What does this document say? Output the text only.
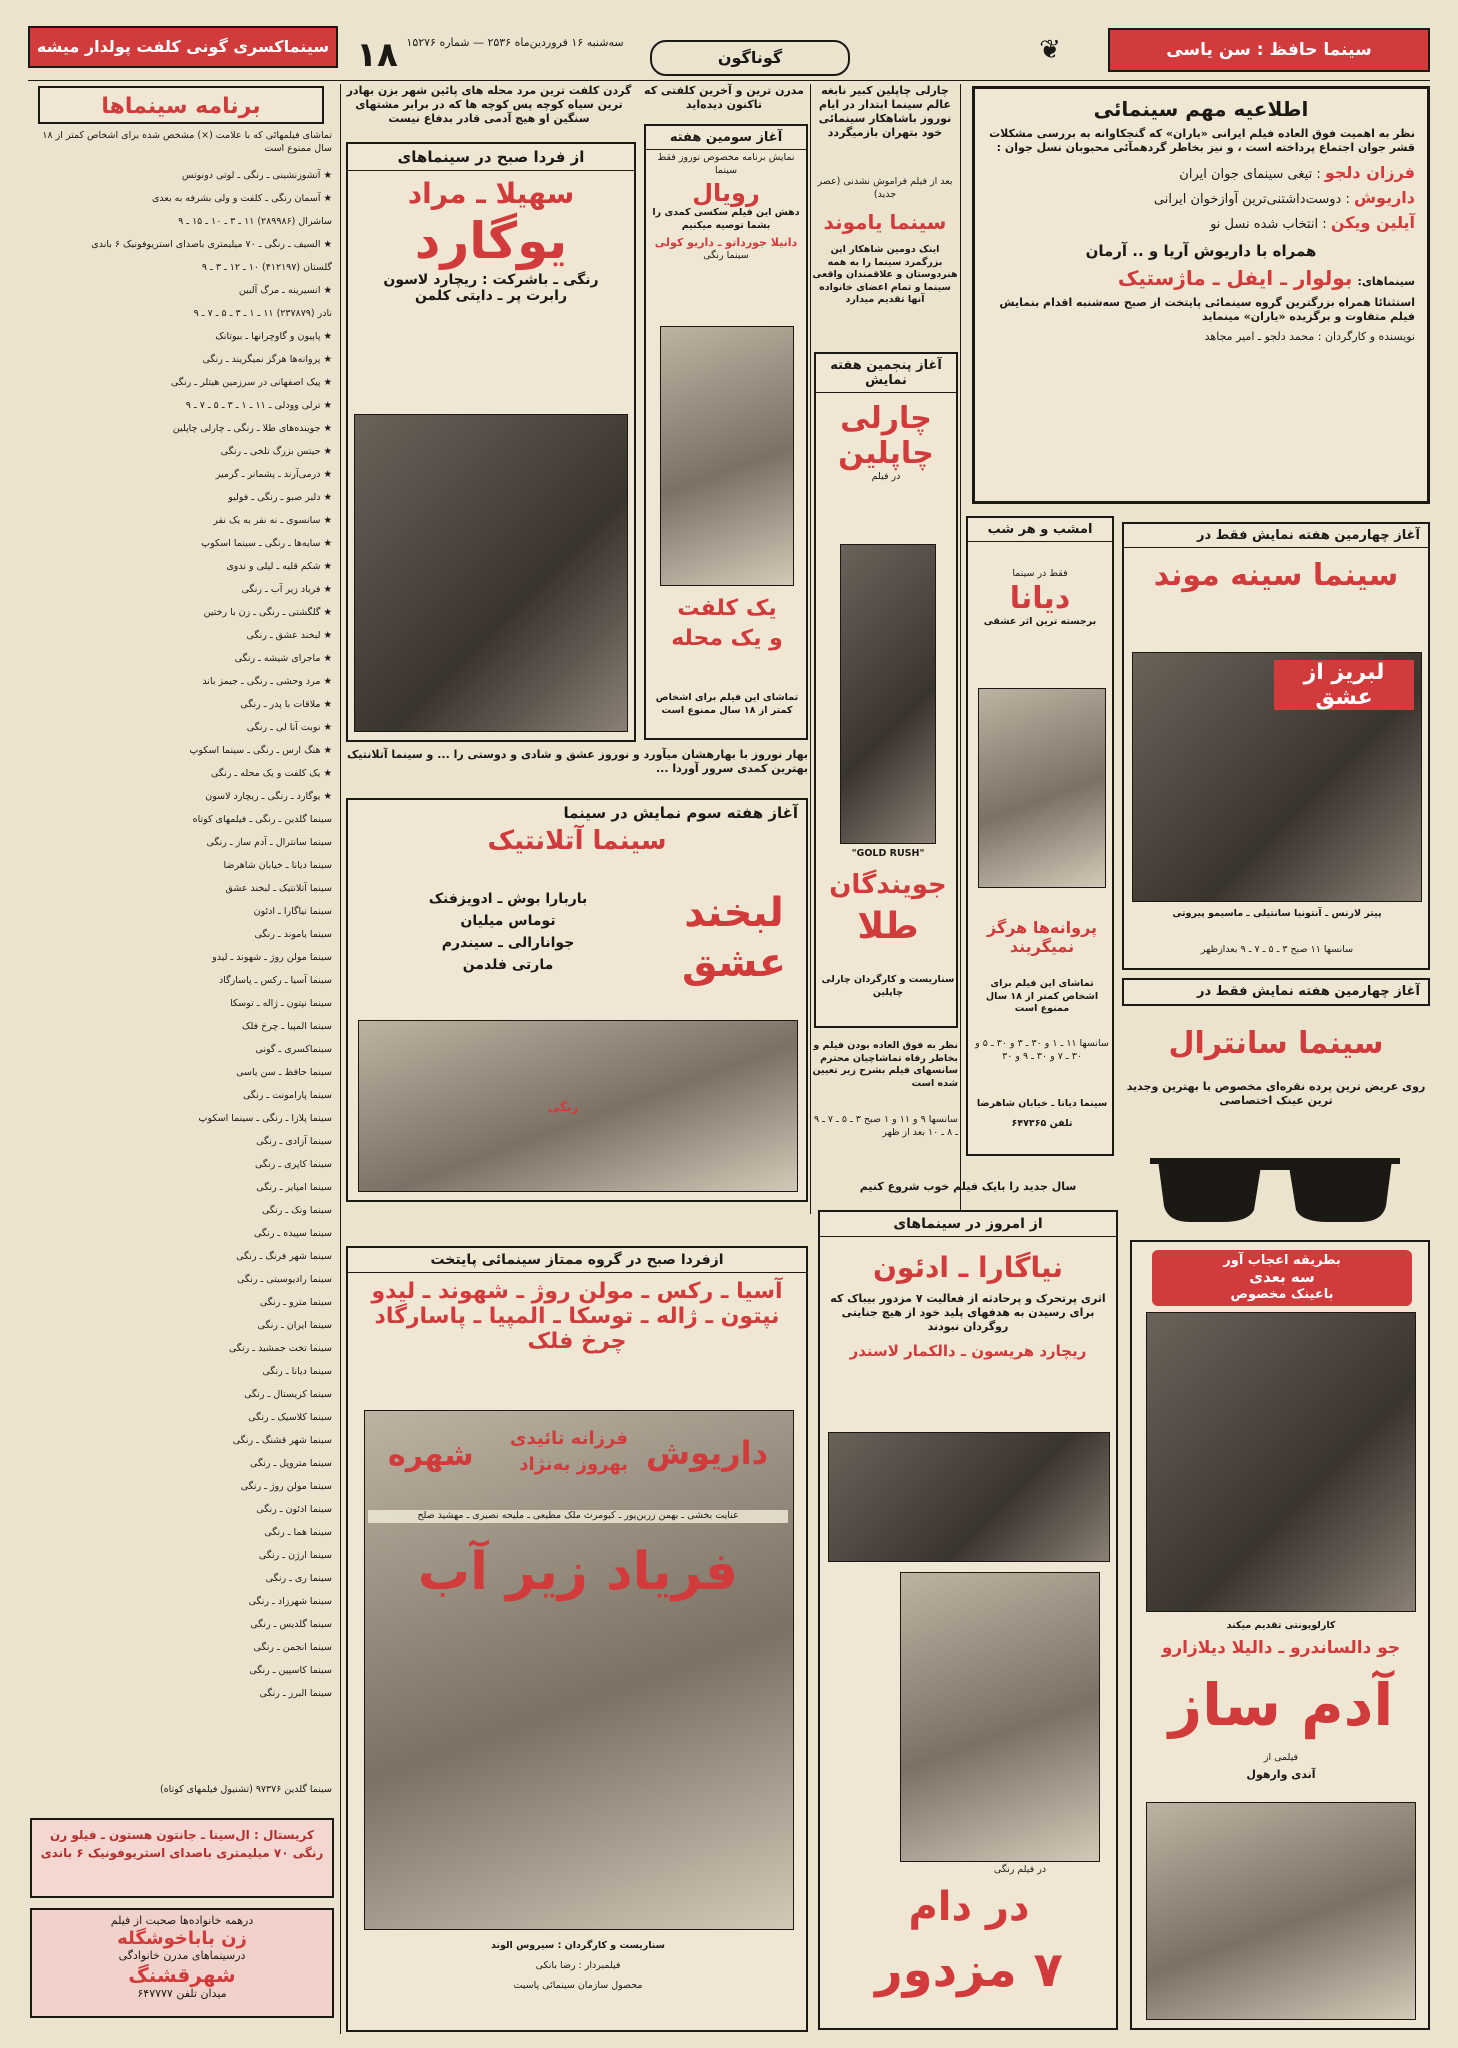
سینما حافظ : سن یاسی
❦
گوناگون
سه‌شنبه ۱۶ فروردین‌ماه ۲۵۳۶ — شماره ۱۵۲۷۶
۱۸
سینماکسری گونی کلفت پولدار میشه
برنامه سینماها
تماشای فیلمهائی که با علامت (×) مشخص شده برای اشخاص کمتر از ۱۸ سال ممنوع است
★ آتشوزنشینی ـ رنگی ـ لوتی دونوتس
★ آسمان رنگی ـ کلفت و ولی بشرفه به بعدی
ساشرال (۲۸۹۹۸۶) ۱۱ ـ ۳ ـ ۱۰ ـ ۱۵ ـ ۹
★ السیف ـ رنگی ـ ۷۰ میلیمتری باصدای استریوفونیک ۶ باندی
گلستان (۴۱۲۱۹۷) ۱۰ ـ ۱۲ ـ ۳ ـ ۹
★ انسیرینه ـ مرگ آلبین
نادر (۲۳۷۸۷۹) ۱۱ ـ ۱ ـ ۳ ـ ۵ ـ ۷ ـ ۹
★ پاپیون و گاوچرانها ـ بیوتانک
★ پروانه‌ها هرگز نمیگریند ـ رنگی
★ پیک اصفهانی در سرزمین هیتلر ـ رنگی
★ ترلی وودلی ـ ۱۱ ـ ۱ ـ ۳ ـ ۵ ـ ۷ ـ ۹
★ جوینده‌های طلا ـ رنگی ـ چارلی چاپلین
★ حیتس بزرگ تلخی ـ رنگی
★ درمی‌آرند ـ پشمانر ـ گرمیر
★ دلبر صبو ـ رنگی ـ فولیو
★ سانسوی ـ نه نفر به یک نفر
★ سایه‌ها ـ رنگی ـ سینما اسکوپ
★ شکم قلیه ـ لیلی و ندوی
★ فریاد زیر آب ـ رنگی
★ گلگشتی ـ رنگی ـ زن با رختین
★ لبخند عشق ـ رنگی
★ ماجرای شیشه ـ رنگی
★ مرد وحشی ـ رنگی ـ جیمز باند
★ ملاقات با پدر ـ رنگی
★ نوبت آنا لی ـ رنگی
★ هنگ ارس ـ رنگی ـ سینما اسکوپ
★ یک کلفت و یک محله ـ رنگی
★ یوگارد ـ رنگی ـ ریچارد لاسون
سینما گلدین ـ رنگی ـ فیلمهای کوتاه
سینما سانترال ـ آدم ساز ـ رنگی
سینما دیانا ـ خیابان شاهرضا
سینما آتلانتیک ـ لبخند عشق
سینما نیاگارا ـ ادئون
سینما یاموند ـ رنگی
سینما مولن روژ ـ شهوند ـ لیدو
سینما آسیا ـ رکس ـ پاسارگاد
سینما نپتون ـ ژاله ـ توسکا
سینما المپیا ـ چرخ فلک
سینماکسری ـ گونی
سینما حافظ ـ سن یاسی
سینما پارامونت ـ رنگی
سینما پلازا ـ رنگی ـ سینما اسکوپ
سینما آزادی ـ رنگی
سینما کاپری ـ رنگی
سینما امپایر ـ رنگی
سینما ونک ـ رنگی
سینما سپیده ـ رنگی
سینما شهر فرنگ ـ رنگی
سینما رادیوسیتی ـ رنگی
سینما مترو ـ رنگی
سینما ایران ـ رنگی
سینما تخت جمشید ـ رنگی
سینما دیانا ـ رنگی
سینما کریستال ـ رنگی
سینما کلاسیک ـ رنگی
سینما شهر قشنگ ـ رنگی
سینما متروپل ـ رنگی
سینما مولن روژ ـ رنگی
سینما ادئون ـ رنگی
سینما هما ـ رنگی
سینما ارژن ـ رنگی
سینما ری ـ رنگی
سینما شهرزاد ـ رنگی
سینما گلدیس ـ رنگی
سینما انجمن ـ رنگی
سینما کاسپین ـ رنگی
سینما البرز ـ رنگی
سینما گلدین ۹۷۳۷۶ (تشنیول فیلمهای کوتاه)
کریستال : ال‌سینا ـ جانتون هستون ـ فیلو رن رنگی ۷۰ میلیمتری باصدای استریوفونیک ۶ باندی
درهمه خانواده‌ها صحبت از فیلم
زن باباخوشگله
درسینماهای مدرن خانوادگی
شهرقشنگ
میدان تلفن ۶۴۷۷۷۷
گردن کلفت ترین مرد محله های پائین شهر بزن بهادر ترین سیاه کوچه پس کوچه ها که در برابر مشتهای سنگین او هیچ آدمی قادر بدفاع نیست
از فردا صبح در سینماهای
سهیلا ـ مراد
یوگارد
رنگی ـ باشرکت : ریچارد لاسون
رابرت پر ـ دایتی کلمن
بهار نوروز با بهارهشان میآورد و نوروز عشق و شادی و دوستی را ... و سینما آتلانتیک بهترین کمدی سرور آوردا ...
آغاز هفته سوم نمایش در سینما
سینما آتلانتیک
لبخند
عشق
باربارا بوش ـ ادویزفنک
توماس میلیان
جوانارالی ـ سیندرم
مارتی فلدمن
رنگی
مدرن ترین و آخرین کلفتی که تاکنون دیده‌اید
آغاز سومین هفته
نمایش برنامه مخصوص نوروز فقط سینما
رویال
دهش این فیلم سکسی کمدی را بشما توصیه میکنیم
دانیلا جورداتو ـ داریو کولی
سینما رنگی
یک کلفت
و یک محله
تماشای این فیلم برای اشخاص کمتر از ۱۸ سال ممنوع است
چارلی چاپلین کبیر نابغه عالم سینما ابتدار در ایام نوروز باشاهکار سینمائی خود بتهران بازمیگردد
بعد از فیلم فراموش نشدنی (عصر جدید)
سینما یاموند
اینک دومین شاهکار این بزرگمرد سینما را به همه هنردوستان و علاقمندان واقعی سینما و تمام اعضای خانواده آنها تقدیم میدارد
آغاز پنجمین هفته نمایش
چارلی
چاپلین
در فیلم
"GOLD RUSH"
جویندگان
طلا
سناریست و کارگردان چارلی چاپلین
نظر به فوق العاده بودن فیلم و بخاطر رفاه تماشاچیان محترم سانسهای فیلم بشرح زیر تعیین شده است
سانسها ۹ و ۱۱ و ۱ صبح ۳ ـ ۵ ـ ۷ ـ ۹ ـ ۸ ـ ۱۰ بعد از ظهر
اطلاعیه مهم سینمائی
نظر به اهمیت فوق العاده فیلم ایرانی «یاران» که گنجکاوانه به بررسی مشکلات قشر جوان اجتماع پرداخته است ، و نیز بخاطر گردهمآئی محبوبان نسل جوان :
فرزان دلجو : تیغی سینمای جوان ایران
داریوش : دوست‌داشتنی‌ترین آوازخوان ایرانی
آیلین ویکن : انتخاب شده نسل نو
همراه با داریوش آریا و .. آرمان
سینماهای: بولوار ـ ایفل ـ ماژستیک
استثنائا همراه بزرگترین گروه سینمائی پایتخت از صبح سه‌شنبه اقدام بنمایش فیلم متفاوت و برگزیده «یاران» مینماید
نویسنده و کارگردان : محمد دلجو ـ امیر مجاهد
امشب و هر شب
فقط در سینما
دیانا
برجسته ترین اثر عشقی
پروانه‌ها هرگز نمیگریند
تماشای این فیلم برای اشخاص کمتر از ۱۸ سال ممنوع است
سانسها ۱۱ ـ ۱ و ۳۰ ـ ۳ و ۳۰ ـ ۵ و ۳۰ ـ ۷ و ۳۰ ـ ۹ و ۳۰
سینما دیانا ـ خیابان شاهرضا
تلفن ۶۴۷۳۶۵
آغاز چهارمین هفته نمایش فقط در
سینما سینه موند
لبریز از عشق
پیتر لارنس ـ آنتونیا سانتیلی ـ ماسیمو پیروتی
سانسها ۱۱ صبح ۳ ـ ۵ ـ ۷ ـ ۹ بعدازظهر
آغاز چهارمین هفته نمایش فقط در
سینما سانترال
روی عریض ترین پرده نقره‌ای مخصوص با بهترین وجدید ترین عینک اختصاصی
بطریقه اعجاب آور
سه بعدی
باعینک مخصوص
کارلوپونتی تقدیم میکند
جو دالساندرو ـ دالیلا دیلازارو
آدم ساز
فیلمی از
آندی وارهول
سال جدید را بایک فیلم خوب شروع کنیم
از امروز در سینماهای
نیاگارا ـ ادئون
اثری پرتحرک و پرحادثه از فعالیت ۷ مزدور بیباک که برای رسیدن به هدفهای پلید خود از هیچ جنایتی روگردان نبودند
ریچارد هریسون ـ دالکمار لاسندر
در فیلم رنگی
در دام
۷ مزدور
ازفردا صبح در گروه ممتاز سینمائی پایتخت
آسیا ـ رکس ـ مولن روژ ـ شهوند ـ لیدو
نپتون ـ ژاله ـ توسکا ـ المپیا ـ پاسارگاد
چرخ فلک
داریوش
فرزانه تائیدی
بهروز به‌نژاد
شهره
عنایت بخشی ـ بهمن زرین‌پور ـ کیومرث ملک مطیعی ـ ملیحه نصیری ـ مهشید صلح
فریاد زیر آب
سناریست و کارگردان : سیروس الوند
فیلمبردار : رضا بانکی
محصول سازمان سینمائی پاسیت
